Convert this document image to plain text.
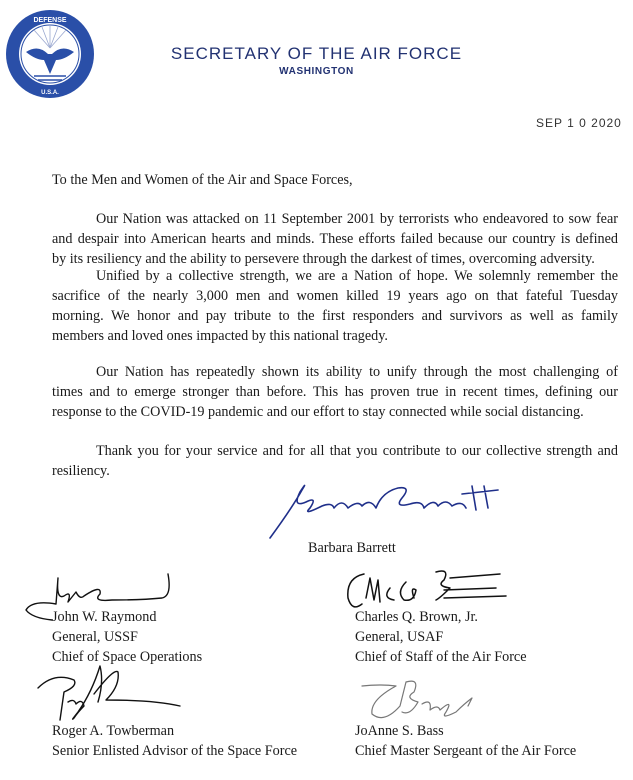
DEFENSE
U.S.A.
SECRETARY OF THE AIR FORCE
WASHINGTON
SEP 1 0 2020
To the Men and Women of the Air and Space Forces,
Our Nation was attacked on 11 September 2001 by terrorists who endeavored to sow fear
and despair into American hearts and minds. These efforts failed because our country is defined
by its resiliency and the ability to persevere through the darkest of times, overcoming adversity.
Unified by a collective strength, we are a Nation of hope. We solemnly remember the
sacrifice of the nearly 3,000 men and women killed 19 years ago on that fateful Tuesday
morning. We honor and pay tribute to the first responders and survivors as well as family
members and loved ones impacted by this national tragedy.
Our Nation has repeatedly shown its ability to unify through the most challenging of
times and to emerge stronger than before. This has proven true in recent times, defining our
response to the COVID-19 pandemic and our effort to stay connected while social distancing.
Thank you for your service and for all that you contribute to our collective strength and
resiliency.
Barbara Barrett
John W. Raymond
General, USSF
Chief of Space Operations
Charles Q. Brown, Jr.
General, USAF
Chief of Staff of the Air Force
Roger A. Towberman
Senior Enlisted Advisor of the Space Force
JoAnne S. Bass
Chief Master Sergeant of the Air Force
